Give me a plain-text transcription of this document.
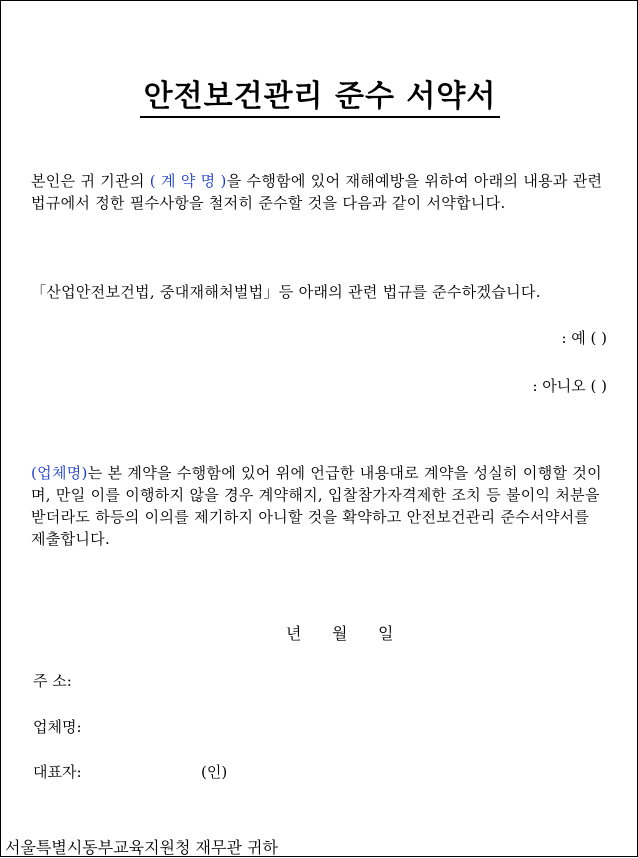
안전보건관리 준수 서약서
본인은 귀 기관의 ( 계 약 명 )을 수행함에 있어 재해예방을 위하여 아래의 내용과 관련 법규에서 정한 필수사항을 철저히 준수할 것을 다음과 같이 서약합니다.
「산업안전보건법, 중대재해처벌법」등 아래의 관련 법규를 준수하겠습니다.
: 예 ( )
: 아니오 ( )
(업체명)는 본 계약을 수행함에 있어 위에 언급한 내용대로 계약을 성실히 이행할 것이며, 만일 이를 이행하지 않을 경우 계약해지, 입찰참가자격제한 조치 등 불이익 처분을 받더라도 하등의 이의를 제기하지 아니할 것을 확약하고 안전보건관리 준수서약서를 제출합니다.
년      월      일
주 소:
업체명:
대표자:	(인)
서울특별시동부교육지원청 재무관 귀하
